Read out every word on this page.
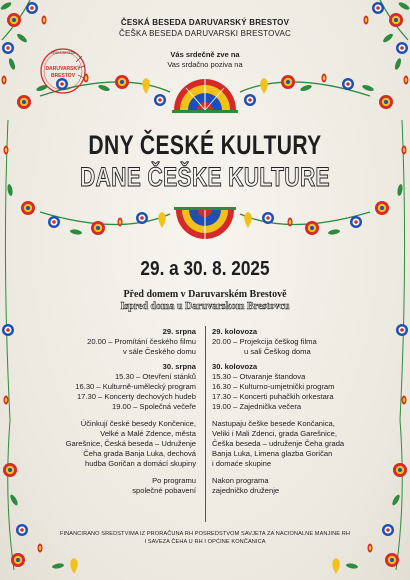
ČESKÁ BESEDA
DARUVARSKÝ
BRESTOV
ČESKÁ BESEDA DARUVARSKÝ BRESTOV
ČEŠKA BESEDA DARUVARSKI BRESTOVAC
Vás srdečně zve na
Vas srdačno poziva na
DNY ČESKÉ KULTURY
DANE ČEŠKE KULTURE
29. a 30. 8. 2025
Před domem v Daruvarském Brestově
Ispred doma u Daruvarskom Brestovcu
29. srpna
20.00 – Promítání českého filmu
v sále Českého domu
30. srpna
15.30 – Otevření stánků
16.30 – Kulturně-umělecký program
17.30 – Koncerty dechových hudeb
19.00 – Společná večeře
Účinkují české besedy Končenice,
Velké a Malé Zdence, města
Garešnice, Česká beseda – Udruženje
Čeha grada Banja Luka, dechová
hudba Goričan a domácí skupiny
Po programu
společné pobavení
29. kolovoza
20.00 – Projekcija češkog filma
u sali Češkog doma
30. kolovoza
15.30 – Otvaranje štandova
16.30 – Kulturno-umjetnički program
17.30 – Koncerti puhačkih orkestara
19.00 – Zajednička večera
Nastupaju češke besede Končanica,
Veliki i Mali Zdenci, grada Garešnice,
Češka beseda – udruženje Čeha grada
Banja Luka, Limena glazba Goričan
i domaće skupine
Nakon programa
zajedničko druženje
FINANCIRANO SREDSTVIMA IZ PRORAČUNA RH POSREDSTVOM SAVJETA ZA NACIONALNE MANJINE RH
I SAVEZA ČEHA U RH I OPĆINE KONČANICA
